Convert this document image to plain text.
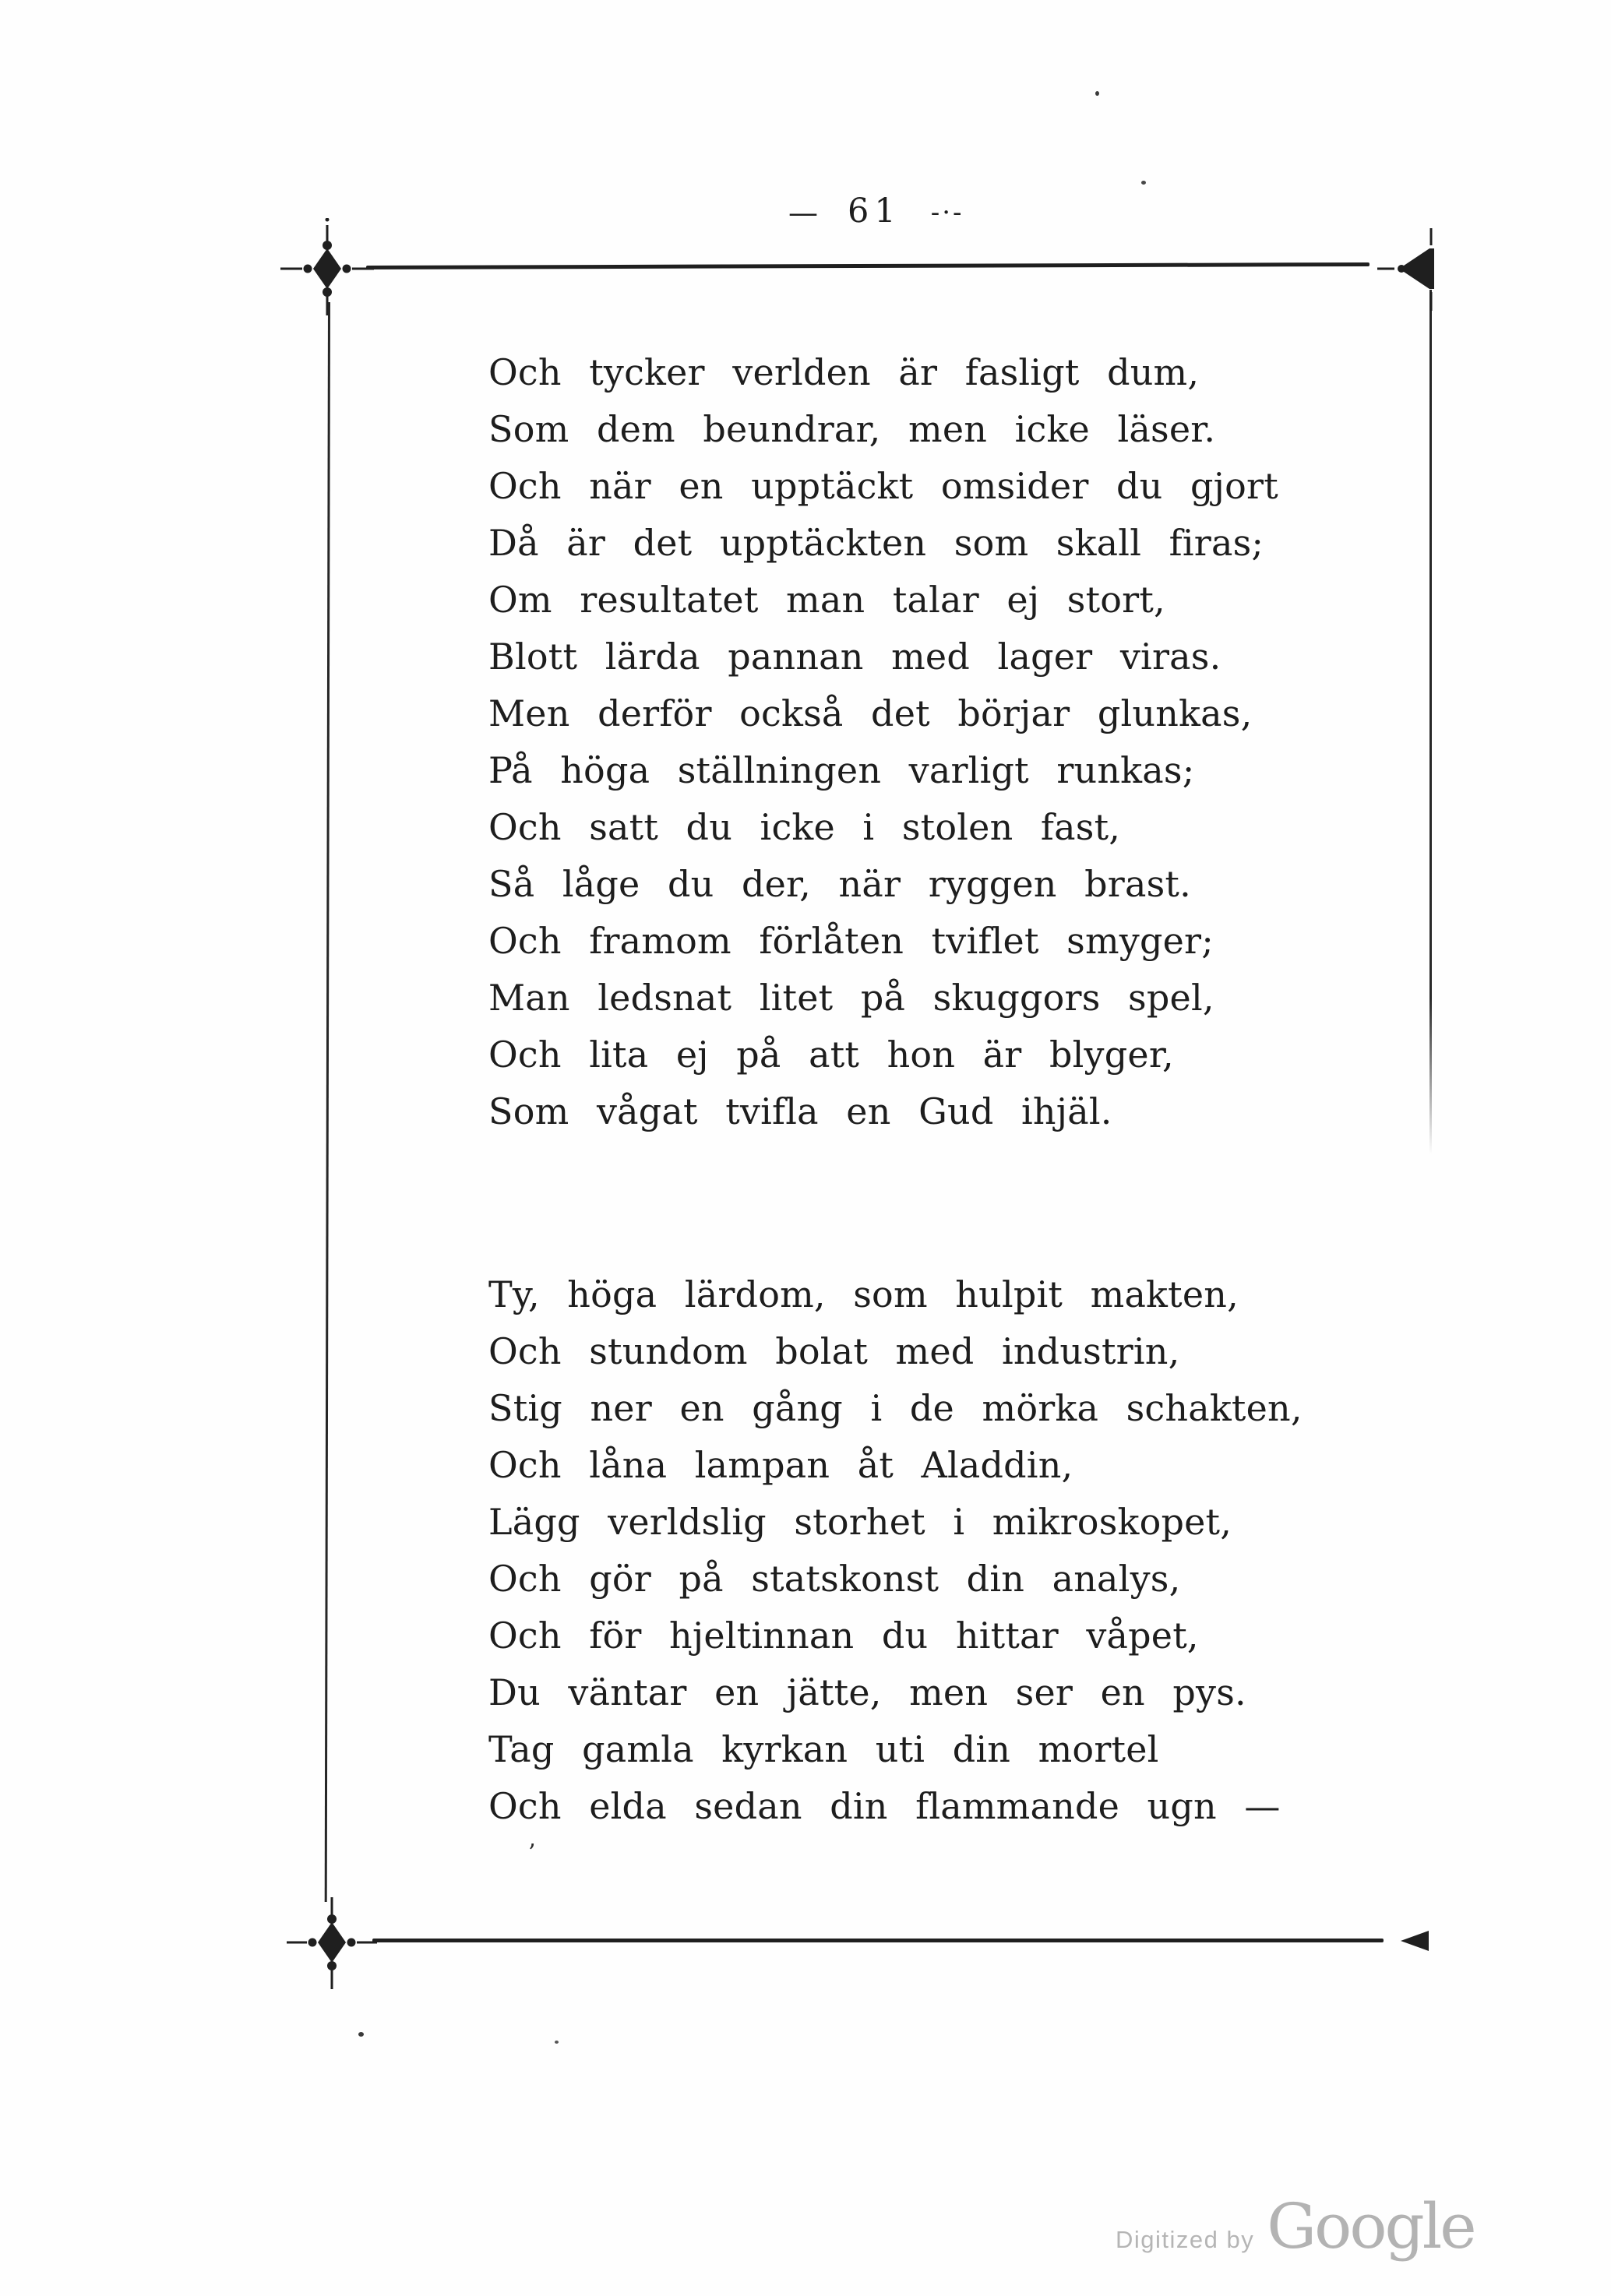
— 61 -·-

Och tycker verlden är fasligt dum,

Som dem beundrar, men icke läser.

Och när en upptäckt omsider du gjort

Då är det upptäckten som skall firas;

Om resultatet man talar ej stort,

Blott lärda pannan med lager viras.

Men derför också det börjar glunkas,

På höga ställningen varligt runkas;

Och satt du icke i stolen fast,

Så låge du der, när ryggen brast.

Och framom förlåten tviflet smyger;

Man ledsnat litet på skuggors spel,

Och lita ej på att hon är blyger,

Som vågat tvifla en Gud ihjäl.

Ty, höga lärdom, som hulpit makten,

Och stundom bolat med industrin,

Stig ner en gång i de mörka schakten,

Och låna lampan åt Aladdin,

Lägg verldslig storhet i mikroskopet,

Och gör på statskonst din analys,

Och för hjeltinnan du hittar våpet,

Du väntar en jätte, men ser en pys.

Tag gamla kyrkan uti din mortel

Och elda sedan din flammande ugn —

’
Digitized by Google
